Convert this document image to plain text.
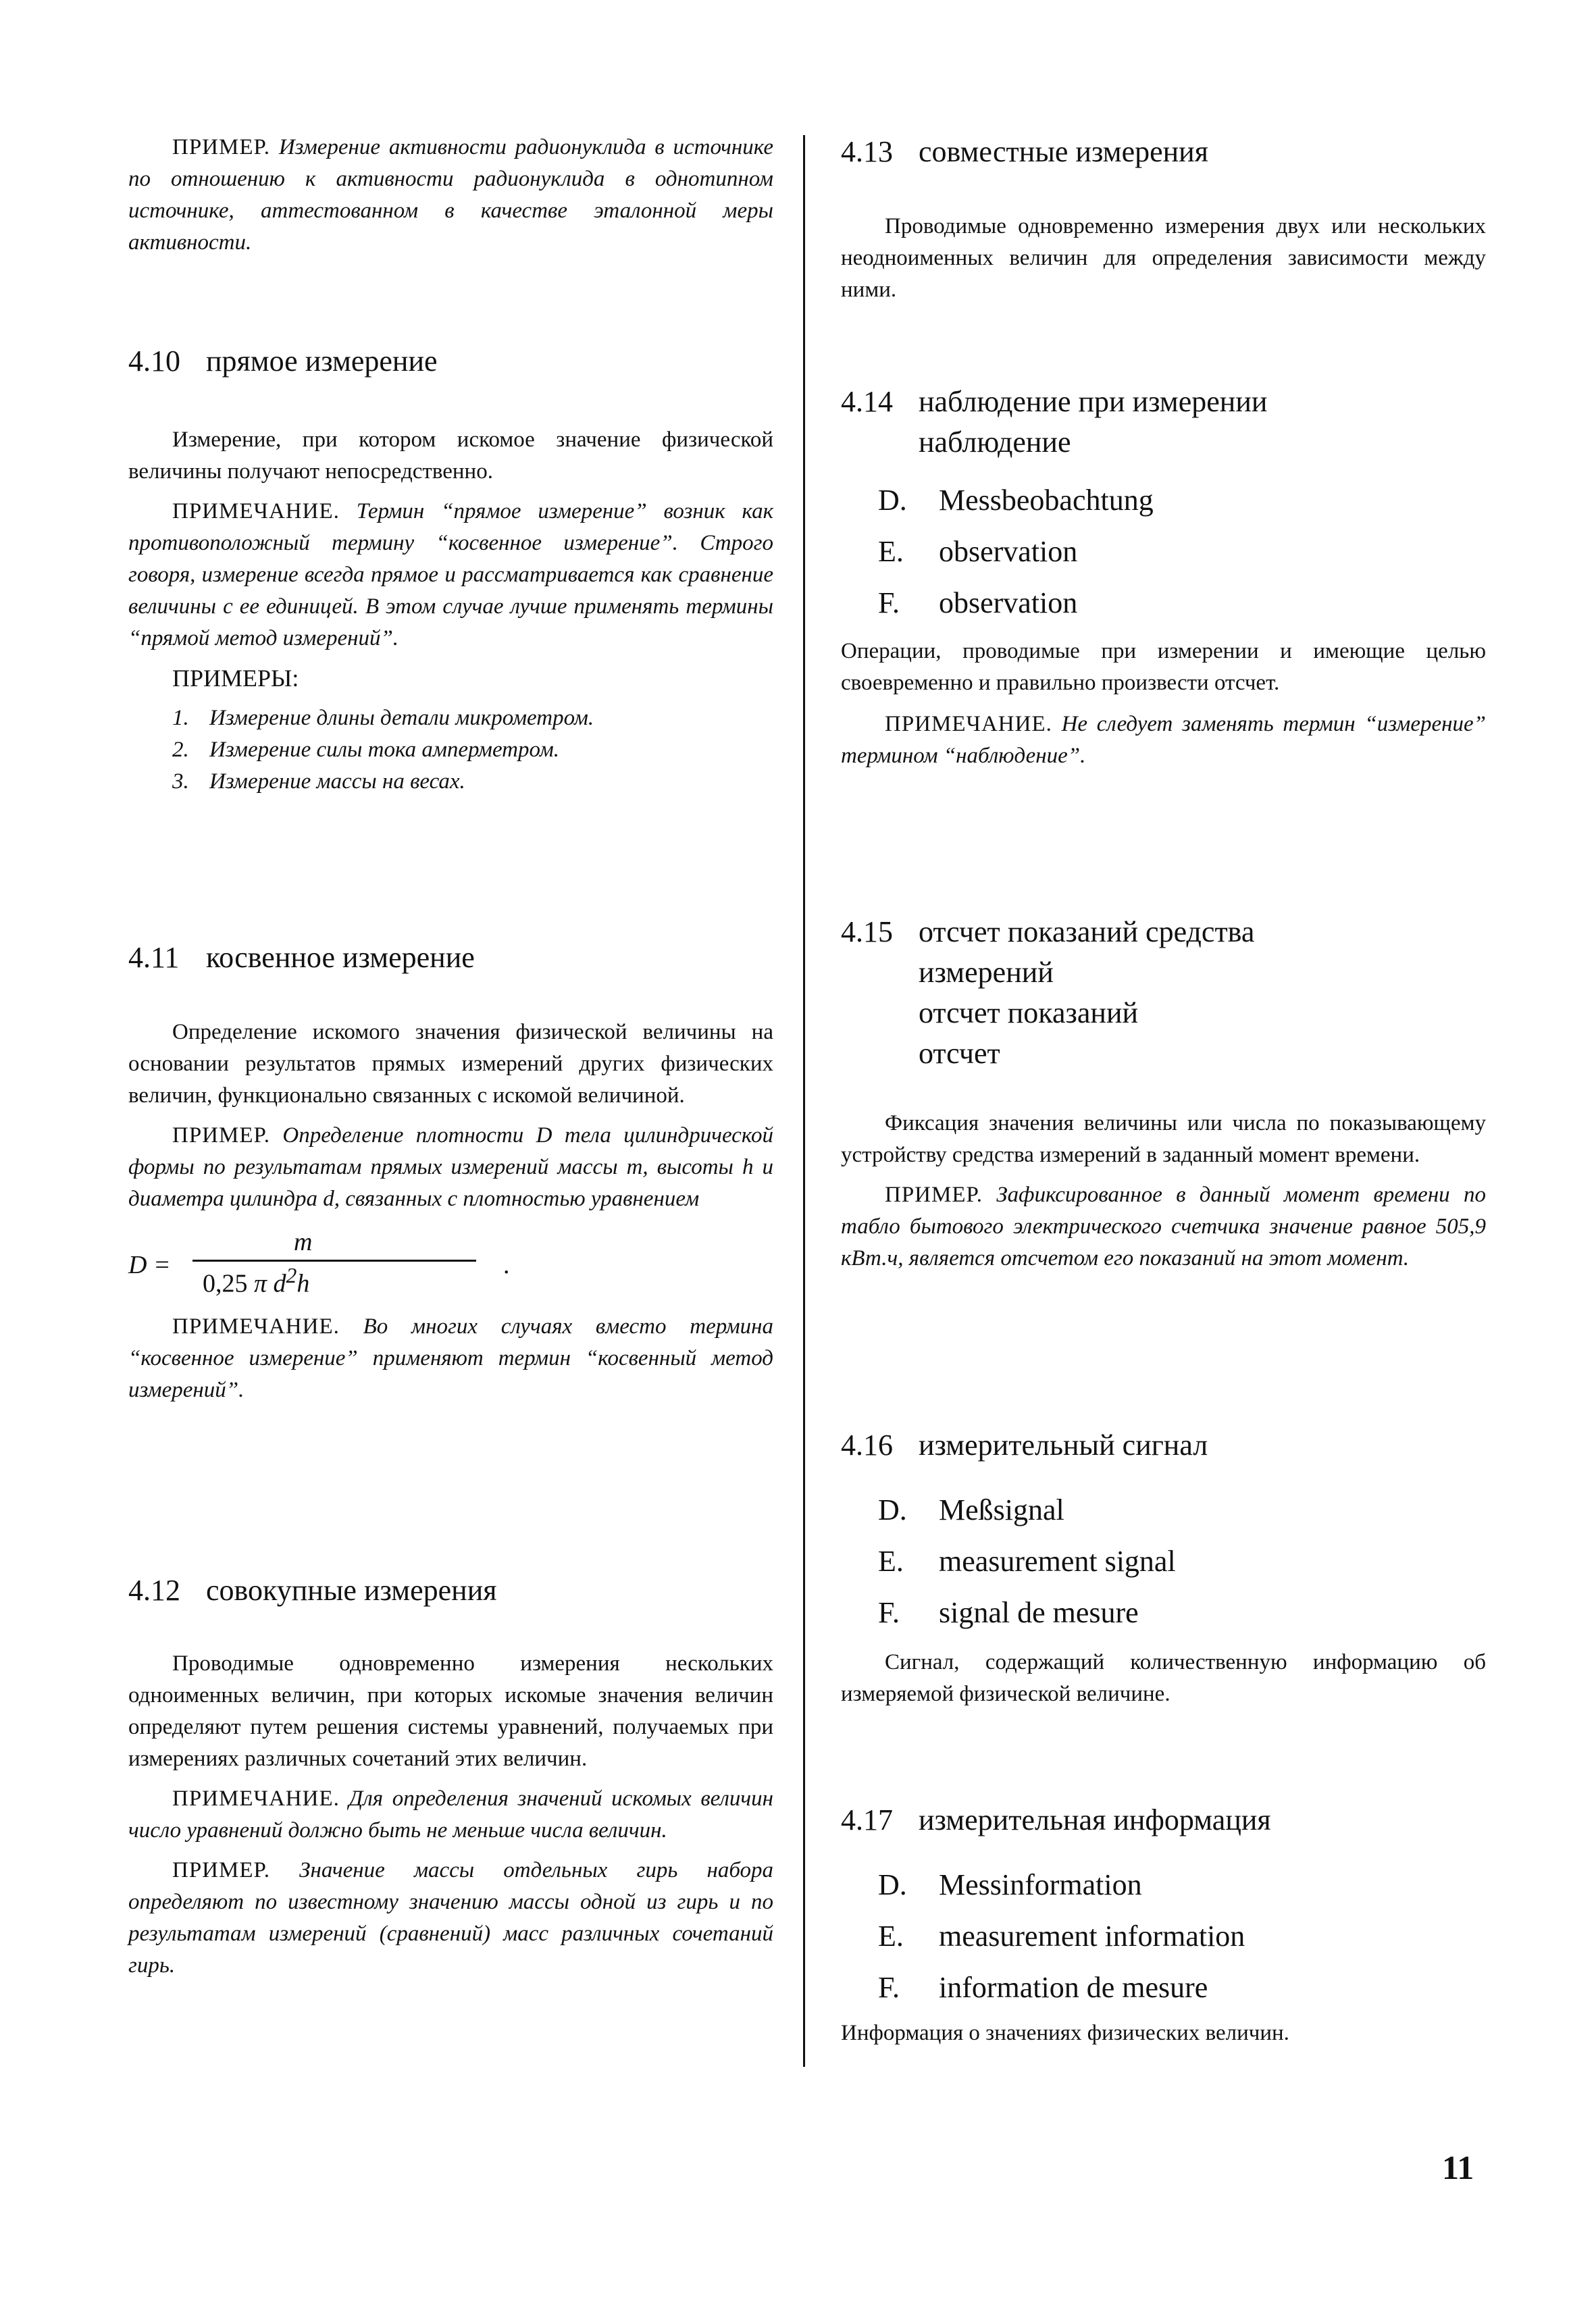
ПРИМЕР. Измерение активности радионуклида в источнике по отношению к активности радионуклида в однотипном источнике, аттестованном в качестве эталонной меры активности.

4.10 прямое измерение

Измерение, при котором искомое значение физической величины получают непосредственно.

ПРИМЕЧАНИЕ. Термин “прямое измерение” возник как противоположный термину “косвенное измерение”. Строго говоря, измерение всегда прямое и рассматривается как сравнение величины с ее единицей. В этом случае лучше применять термины “прямой метод измерений”.

ПРИМЕРЫ:

1. Измерение длины детали микрометром.
2. Измерение силы тока амперметром.
3. Измерение массы на весах.
4.11 косвенное измерение

Определение искомого значения физической величины на основании результатов прямых измерений других физических величин, функционально связанных с искомой величиной.

ПРИМЕР. Определение плотности D тела цилиндрической формы по результатам прямых измерений массы m, высоты h и диаметра цилиндра d, связанных с плотностью уравнением

D =
m
0,25 π $d^2h$
.

ПРИМЕЧАНИЕ. Во многих случаях вместо термина “косвенное измерение” применяют термин “косвенный метод измерений”.

4.12 совокупные измерения

Проводимые одновременно измерения нескольких одноименных величин, при которых искомые значения величин определяют путем решения системы уравнений, получаемых при измерениях различных сочетаний этих величин.

ПРИМЕЧАНИЕ. Для определения значений искомых величин число уравнений должно быть не меньше числа величин.

ПРИМЕР. Значение массы отдельных гирь набора определяют по известному значению массы одной из гирь и по результатам измерений (сравнений) масс различных сочетаний гирь.

4.13 совместные измерения

Проводимые одновременно измерения двух или нескольких неодноименных величин для определения зависимости между ними.

4.14 наблюдение при измерении
наблюдение
D. Messbeobachtung
E. observation
F. observation

Операции, проводимые при измерении и имеющие целью своевременно и правильно произвести отсчет.

ПРИМЕЧАНИЕ. Не следует заменять термин “измерение” термином “наблюдение”.

4.15 отсчет показаний средства
измерений
отсчет показаний
отсчет

Фиксация значения величины или числа по показывающему устройству средства измерений в заданный момент времени.

ПРИМЕР. Зафиксированное в данный момент времени по табло бытового электрического счетчика значение равное 505,9 кВт.ч, является отсчетом его показаний на этот момент.

4.16 измерительный сигнал
D. Meßsignal
E. measurement signal
F. signal de mesure

Сигнал, содержащий количественную информацию об измеряемой физической величине.

4.17 измерительная информация
D. Messinformation
E. measurement information
F. information de mesure

Информация о значениях физических величин.

11
